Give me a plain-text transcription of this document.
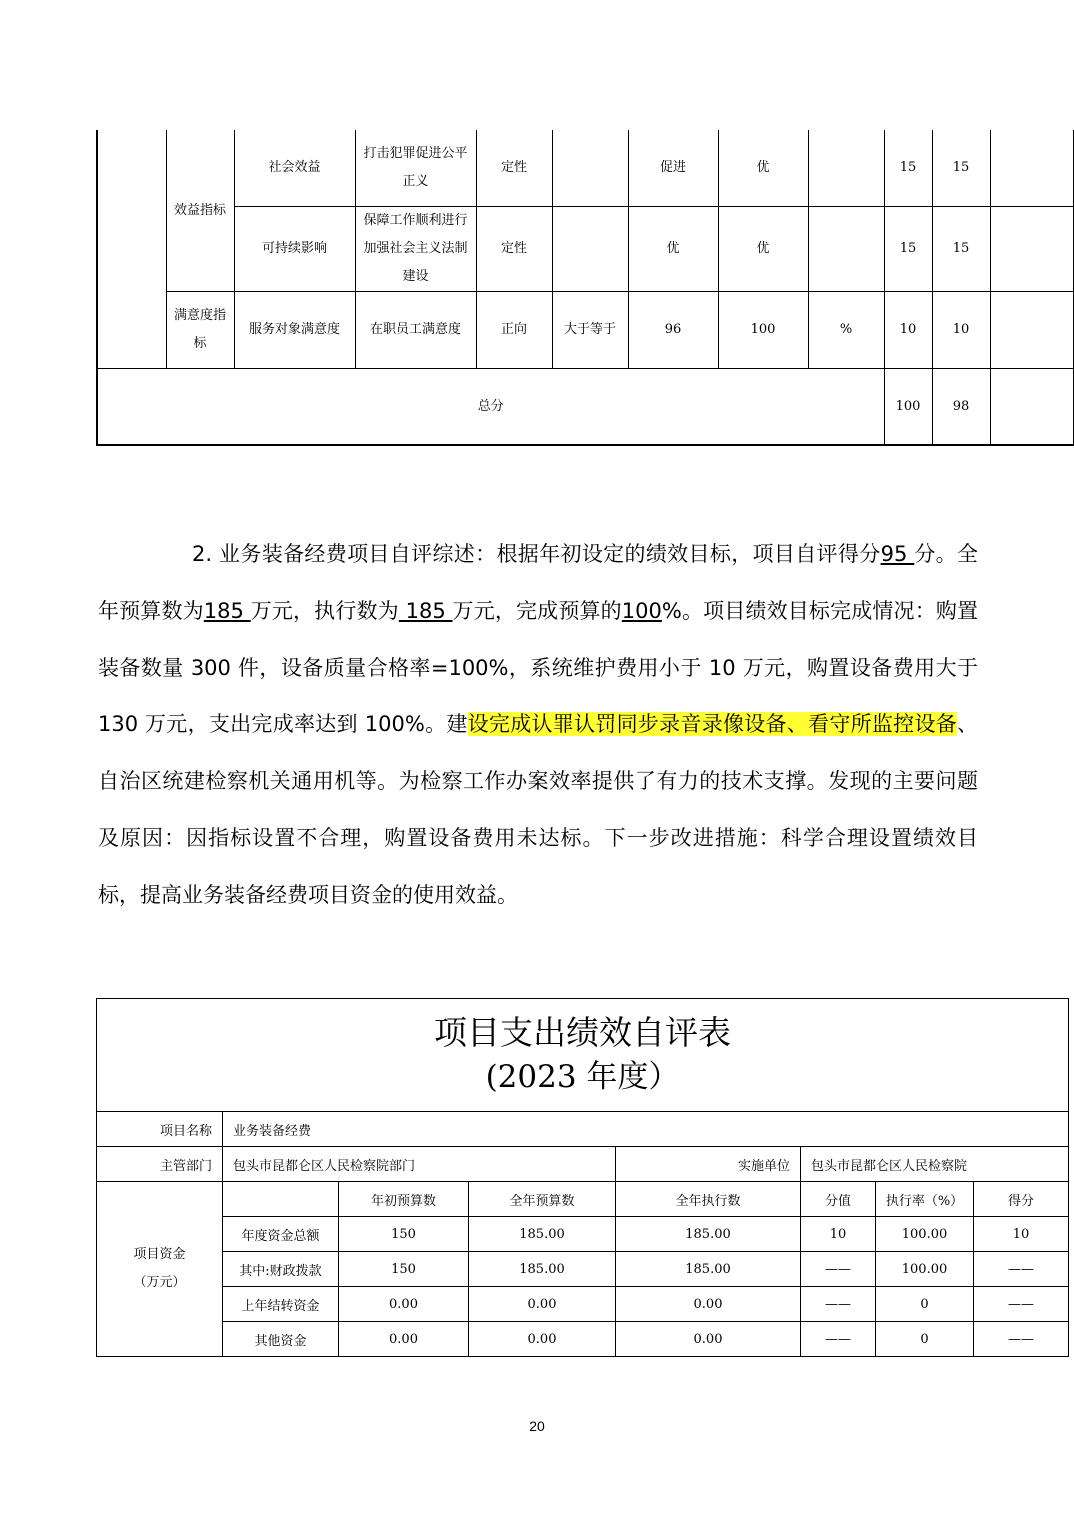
	效益指标	社会效益	打击犯罪促进公平正义	定性		促进	优		15	15	
		可持续影响	保障工作顺利进行加强社会主义法制建设	定性		优	优		15	15	
	满意度指标	服务对象满意度	在职员工满意度	正向	大于等于	96	100	%	10	10	
总分									100	98	

2. 业务装备经费项目自评综述：根据年初设定的绩效目标，项目自评得分95 分。全年预算数为185 万元，执行数为 185 万元，完成预算的100%。项目绩效目标完成情况：购置装备数量 300 件，设备质量合格率=100%，系统维护费用小于 10 万元，购置设备费用大于 130 万元，支出完成率达到 100%。建设完成认罪认罚同步录音录像设备、看守所监控设备、自治区统建检察机关通用机等。为检察工作办案效率提供了有力的技术支撑。发现的主要问题及原因：因指标设置不合理，购置设备费用未达标。下一步改进措施：科学合理设置绩效目标，提高业务装备经费项目资金的使用效益。

项目支出绩效自评表
(2023 年度）							

项目名称	业务装备经费						
主管部门	包头市昆都仑区人民检察院部门			实施单位	包头市昆都仑区人民检察院		
项目资金（万元）		年初预算数	全年预算数	全年执行数	分值	执行率（%）	得分
	年度资金总额	150	185.00	185.00	10	100.00	10
	其中:财政拨款	150	185.00	185.00	——	100.00	——
	上年结转资金	0.00	0.00	0.00	——	0	——
	其他资金	0.00	0.00	0.00	——	0	——
20
